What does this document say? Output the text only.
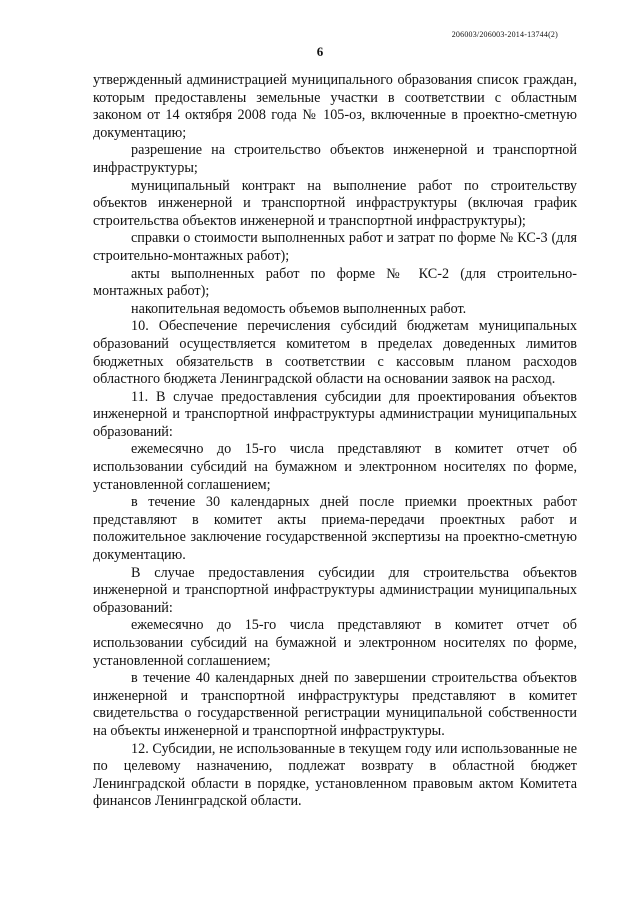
206003/206003-2014-13744(2)
6

утвержденный администрацией муниципального образования список граждан, которым предоставлены земельные участки в соответствии с областным законом от 14 октября 2008 года № 105-оз, включенные в проектно-сметную документацию;

разрешение на строительство объектов инженерной и транспортной инфраструктуры;

муниципальный контракт на выполнение работ по строительству объектов инженерной и транспортной инфраструктуры (включая график строительства объектов инженерной и транспортной инфраструктуры);

справки о стоимости выполненных работ и затрат по форме № КС-3 (для строительно-монтажных работ);

акты выполненных работ по форме № КС-2 (для строительно-монтажных работ);

накопительная ведомость объемов выполненных работ.

10. Обеспечение перечисления субсидий бюджетам муниципальных образований осуществляется комитетом в пределах доведенных лимитов бюджетных обязательств в соответствии с кассовым планом расходов областного бюджета Ленинградской области на основании заявок на расход.

11. В случае предоставления субсидии для проектирования объектов инженерной и транспортной инфраструктуры администрации муниципальных образований:

ежемесячно до 15-го числа представляют в комитет отчет об использовании субсидий на бумажном и электронном носителях по форме, установленной соглашением;

в течение 30 календарных дней после приемки проектных работ представляют в комитет акты приема-передачи проектных работ и положительное заключение государственной экспертизы на проектно-сметную документацию.

В случае предоставления субсидии для строительства объектов инженерной и транспортной инфраструктуры администрации муниципальных образований:

ежемесячно до 15-го числа представляют в комитет отчет об использовании субсидий на бумажной и электронном носителях по форме, установленной соглашением;

в течение 40 календарных дней по завершении строительства объектов инженерной и транспортной инфраструктуры представляют в комитет свидетельства о государственной регистрации муниципальной собственности на объекты инженерной и транспортной инфраструктуры.

12. Субсидии, не использованные в текущем году или использованные не по целевому назначению, подлежат возврату в областной бюджет Ленинградской области в порядке, установленном правовым актом Комитета финансов Ленинградской области.
